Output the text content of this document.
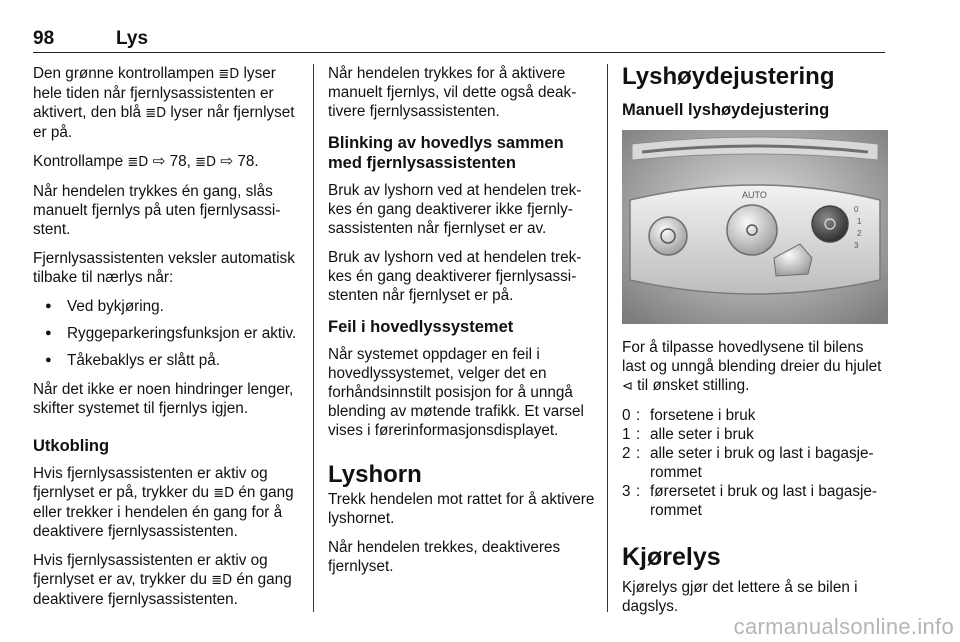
98	Lys

Den grønne kontrollampen ≣D lyser hele tiden når fjernlysassistenten er aktivert, den blå ≣D lyser når fjernlyset er på.

Kontrollampe ≣D ⇨ 78, ≣D ⇨ 78.

Når hendelen trykkes én gang, slås manuelt fjernlys på uten fjernlysassistent.

Fjernlysassistenten veksler automatisk tilbake til nærlys når:

● Ved bykjøring.
● Ryggeparkeringsfunksjon er aktiv.
● Tåkebaklys er slått på.

Når det ikke er noen hindringer lenger, skifter systemet til fjernlys igjen.

Utkobling

Hvis fjernlysassistenten er aktiv og fjernlyset er på, trykker du ≣D én gang eller trekker i hendelen én gang for å deaktivere fjernlysassistenten.

Hvis fjernlysassistenten er aktiv og fjernlyset er av, trykker du ≣D én gang deaktivere fjernlysassistenten.

Når hendelen trykkes for å aktivere manuelt fjernlys, vil dette også deaktivere fjernlysassistenten.

Blinking av hovedlys sammen med fjernlysassistenten

Bruk av lyshorn ved at hendelen trekkes én gang deaktiverer ikke fjernlysassistenten når fjernlyset er av.

Bruk av lyshorn ved at hendelen trekkes én gang deaktiverer fjernlysassistenten når fjernlyset er på.

Feil i hovedlyssystemet

Når systemet oppdager en feil i hovedlyssystemet, velger det en forhåndsinnstilt posisjon for å unngå blending av møtende trafikk. Et varsel vises i førerinformasjonsdisplayet.

Lyshorn

Trekk hendelen mot rattet for å aktivere lyshornet.

Når hendelen trekkes, deaktiveres fjernlyset.

Lyshøydejustering
Manuell lyshøydejustering
AUTO
0
1
2
3

For å tilpasse hovedlysene til bilens last og unngå blending dreier du hjulet ⊲ til ønsket stilling.

0 : forsetene i bruk
1 : alle seter i bruk
2 : alle seter i bruk og last i bagasjerommet
3 : førersetet i bruk og last i bagasjerommet
Kjørelys

Kjørelys gjør det lettere å se bilen i dagslys.

carmanualsonline.info
